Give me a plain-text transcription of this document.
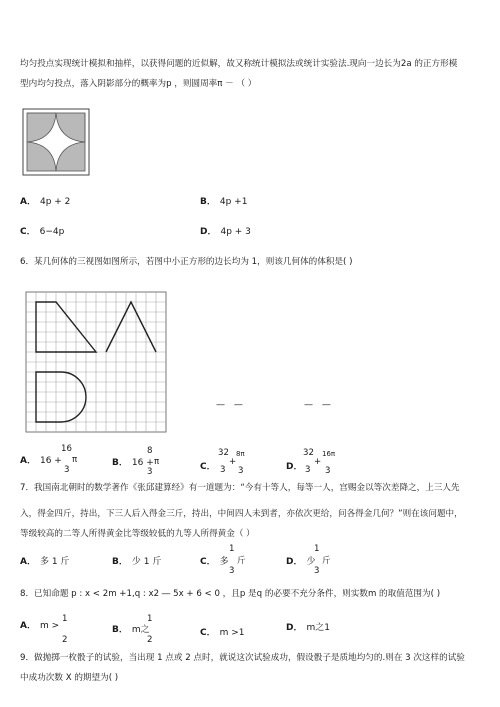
均匀投点实现统计模拟和抽样，以获得问题的近似解，故又称统计模拟法或统计实验法.现向一边长为2a 的正方形模
型内均匀投点，落入阴影部分的概率为p ，则圆周率π － （ ）
A． 4p + 2	B． 4p +1
C． 6−4p	D． 4p + 3
6．某几何体的三视图如图所示，若图中小正方形的边长均为 1，则该几何体的体积是( )
— —	— —
A． 16 +
16
3
π	B． 16 +
8
3
π	C．
32
3
+
8π
3	D．
32
3
+
16π
3
7．我国南北朝时的数学著作《张邱建算经》有一道题为：“今有十等人，每等一人，宫赐金以等次差降之，上三人先
入，得金四斤，持出，下三人后入得金三斤，持出，中间四人未到者，亦依次更给，问各得金几何？”则在该问题中，
等级较高的二等人所得黄金比等级较低的九等人所得黄金（ ）
A． 多 1 斤	B． 少 1 斤	C． 多
1
3
斤	D． 少
1
3
斤
8．已知命题 p : x < 2m +1,q : x2 ― 5x + 6 < 0 ，且p 是q 的必要不充分条件，则实数m 的取值范围为( )
A． m >
1
2
B． m之
1
2
C． m >1	D． m之1
9．做抛掷一枚骰子的试验，当出现 1 点或 2 点时，就说这次试验成功，假设骰子是质地均匀的.则在 3 次这样的试验
中成功次数 X 的期望为( )
